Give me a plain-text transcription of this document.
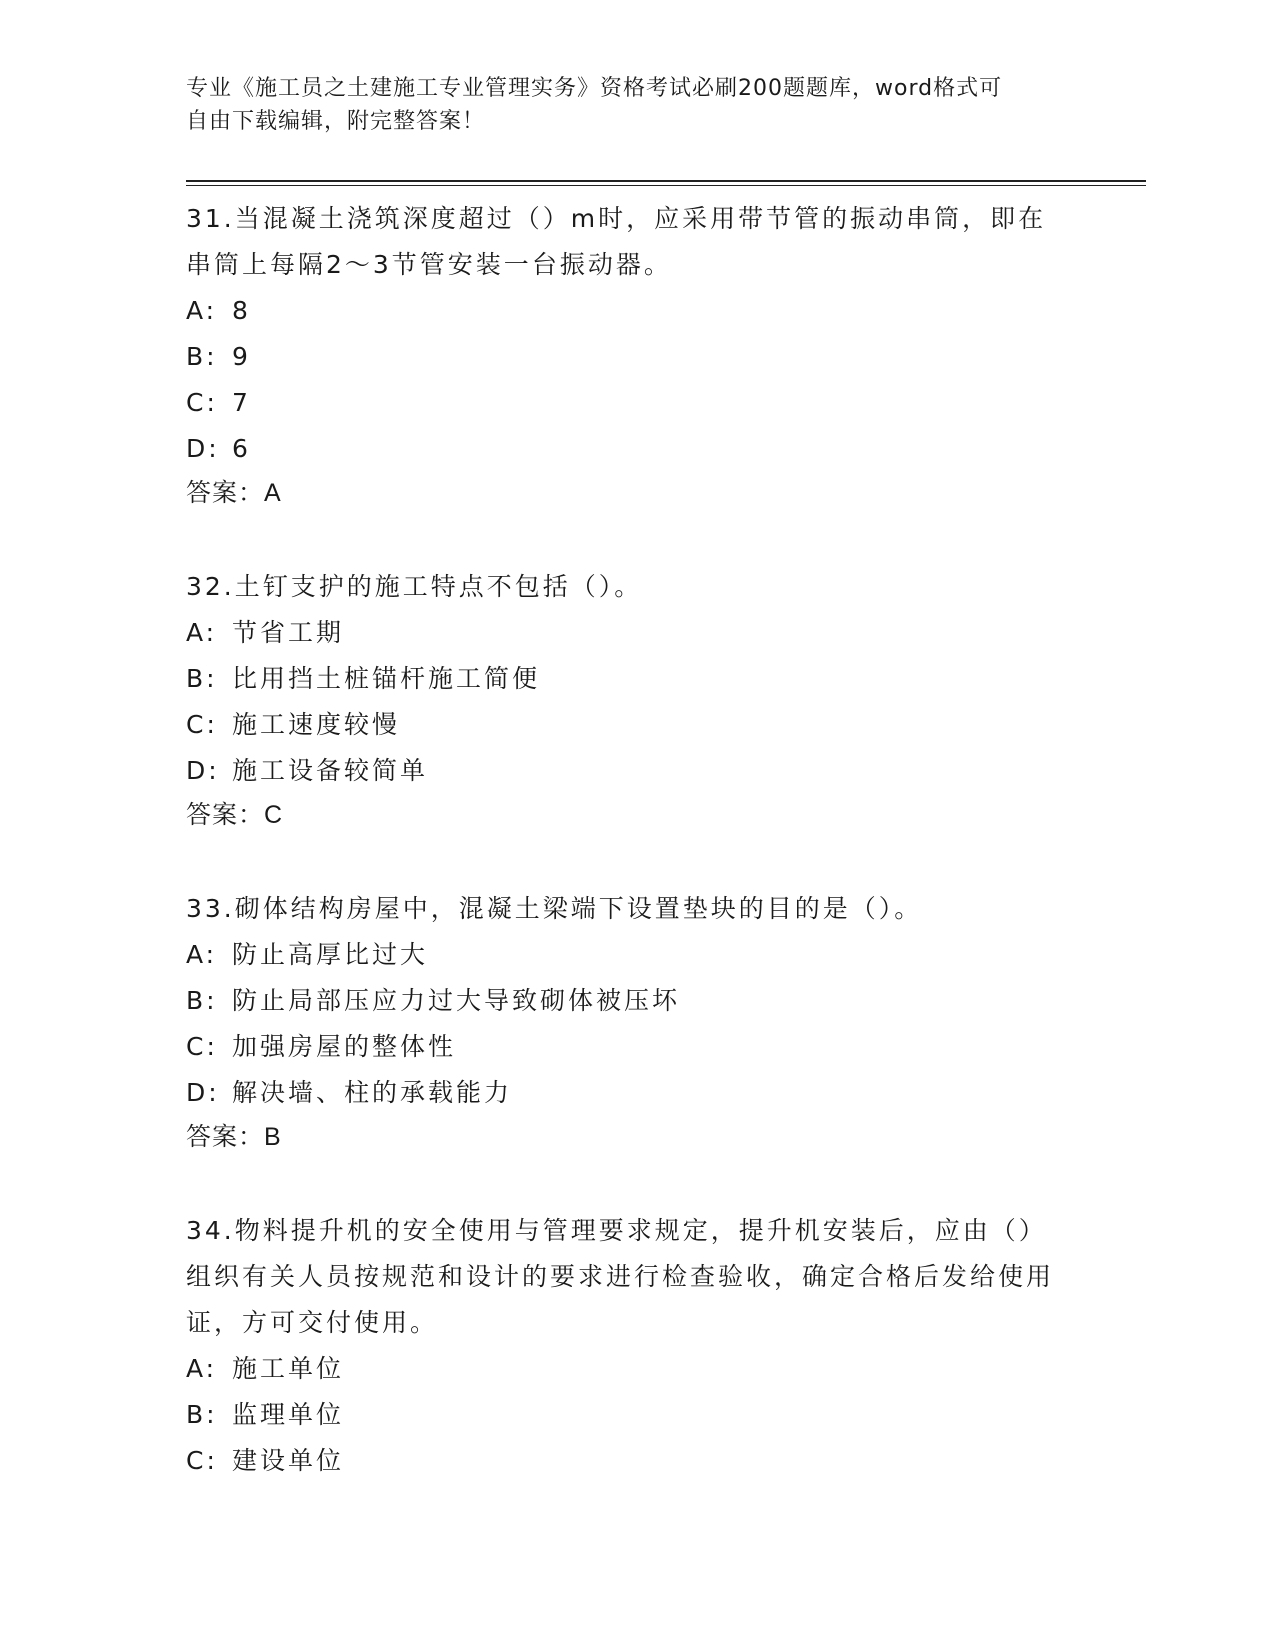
专业《施工员之土建施工专业管理实务》资格考试必刷200题题库，word格式可
自由下载编辑，附完整答案！
31.当混凝土浇筑深度超过（）m时，应采用带节管的振动串筒，即在串筒上每隔2～3节管安装一台振动器。
A: 8
B: 9
C: 7
D: 6
答案：A
32.土钉支护的施工特点不包括（）。
A: 节省工期
B: 比用挡土桩锚杆施工简便
C: 施工速度较慢
D: 施工设备较简单
答案：C
33.砌体结构房屋中，混凝土梁端下设置垫块的目的是（）。
A: 防止高厚比过大
B: 防止局部压应力过大导致砌体被压坏
C: 加强房屋的整体性
D: 解决墙、柱的承载能力
答案：B
34.物料提升机的安全使用与管理要求规定，提升机安装后，应由（）组织有关人员按规范和设计的要求进行检查验收，确定合格后发给使用证，方可交付使用。
A: 施工单位
B: 监理单位
C: 建设单位
